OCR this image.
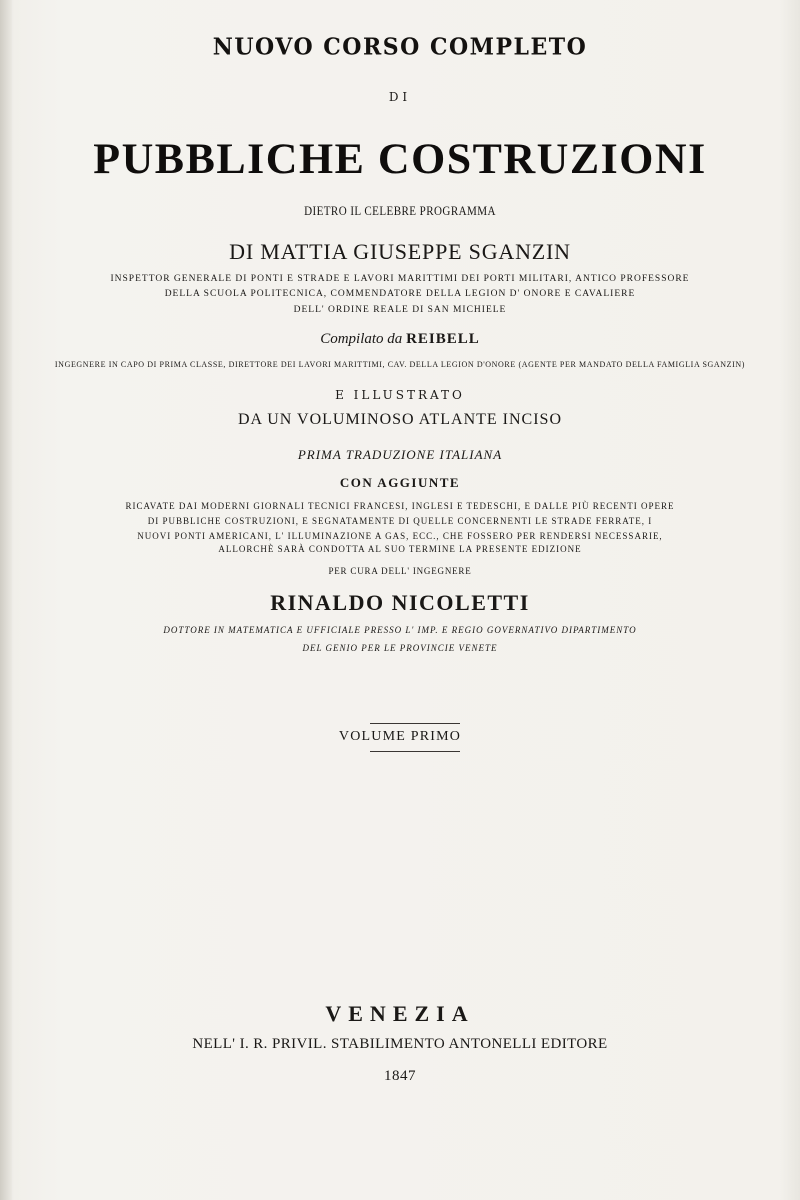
NUOVO CORSO COMPLETO
DI
PUBBLICHE COSTRUZIONI
DIETRO IL CELEBRE PROGRAMMA
DI MATTIA GIUSEPPE SGANZIN
INSPETTOR GENERALE DI PONTI E STRADE E LAVORI MARITTIMI DEI PORTI MILITARI, ANTICO PROFESSORE
DELLA SCUOLA POLITECNICA, COMMENDATORE DELLA LEGION D' ONORE E CAVALIERE
DELL' ORDINE REALE DI SAN MICHIELE
Compilato da REIBELL
INGEGNERE IN CAPO DI PRIMA CLASSE, DIRETTORE DEI LAVORI MARITTIMI, CAV. DELLA LEGION D'ONORE (AGENTE PER MANDATO DELLA FAMIGLIA SGANZIN)
E ILLUSTRATO
DA UN VOLUMINOSO ATLANTE INCISO
PRIMA TRADUZIONE ITALIANA
CON AGGIUNTE
RICAVATE DAI MODERNI GIORNALI TECNICI FRANCESI, INGLESI E TEDESCHI, E DALLE PIÙ RECENTI OPERE
DI PUBBLICHE COSTRUZIONI, E SEGNATAMENTE DI QUELLE CONCERNENTI LE STRADE FERRATE, I
NUOVI PONTI AMERICANI, L' ILLUMINAZIONE A GAS, ECC., CHE FOSSERO PER RENDERSI NECESSARIE,
ALLORCHÈ SARÀ CONDOTTA AL SUO TERMINE LA PRESENTE EDIZIONE
PER CURA DELL' INGEGNERE
RINALDO NICOLETTI
DOTTORE IN MATEMATICA E UFFICIALE PRESSO L' IMP. E REGIO GOVERNATIVO DIPARTIMENTO
DEL GENIO PER LE PROVINCIE VENETE
VOLUME PRIMO
VENEZIA
NELL' I. R. PRIVIL. STABILIMENTO ANTONELLI EDITORE
1847
